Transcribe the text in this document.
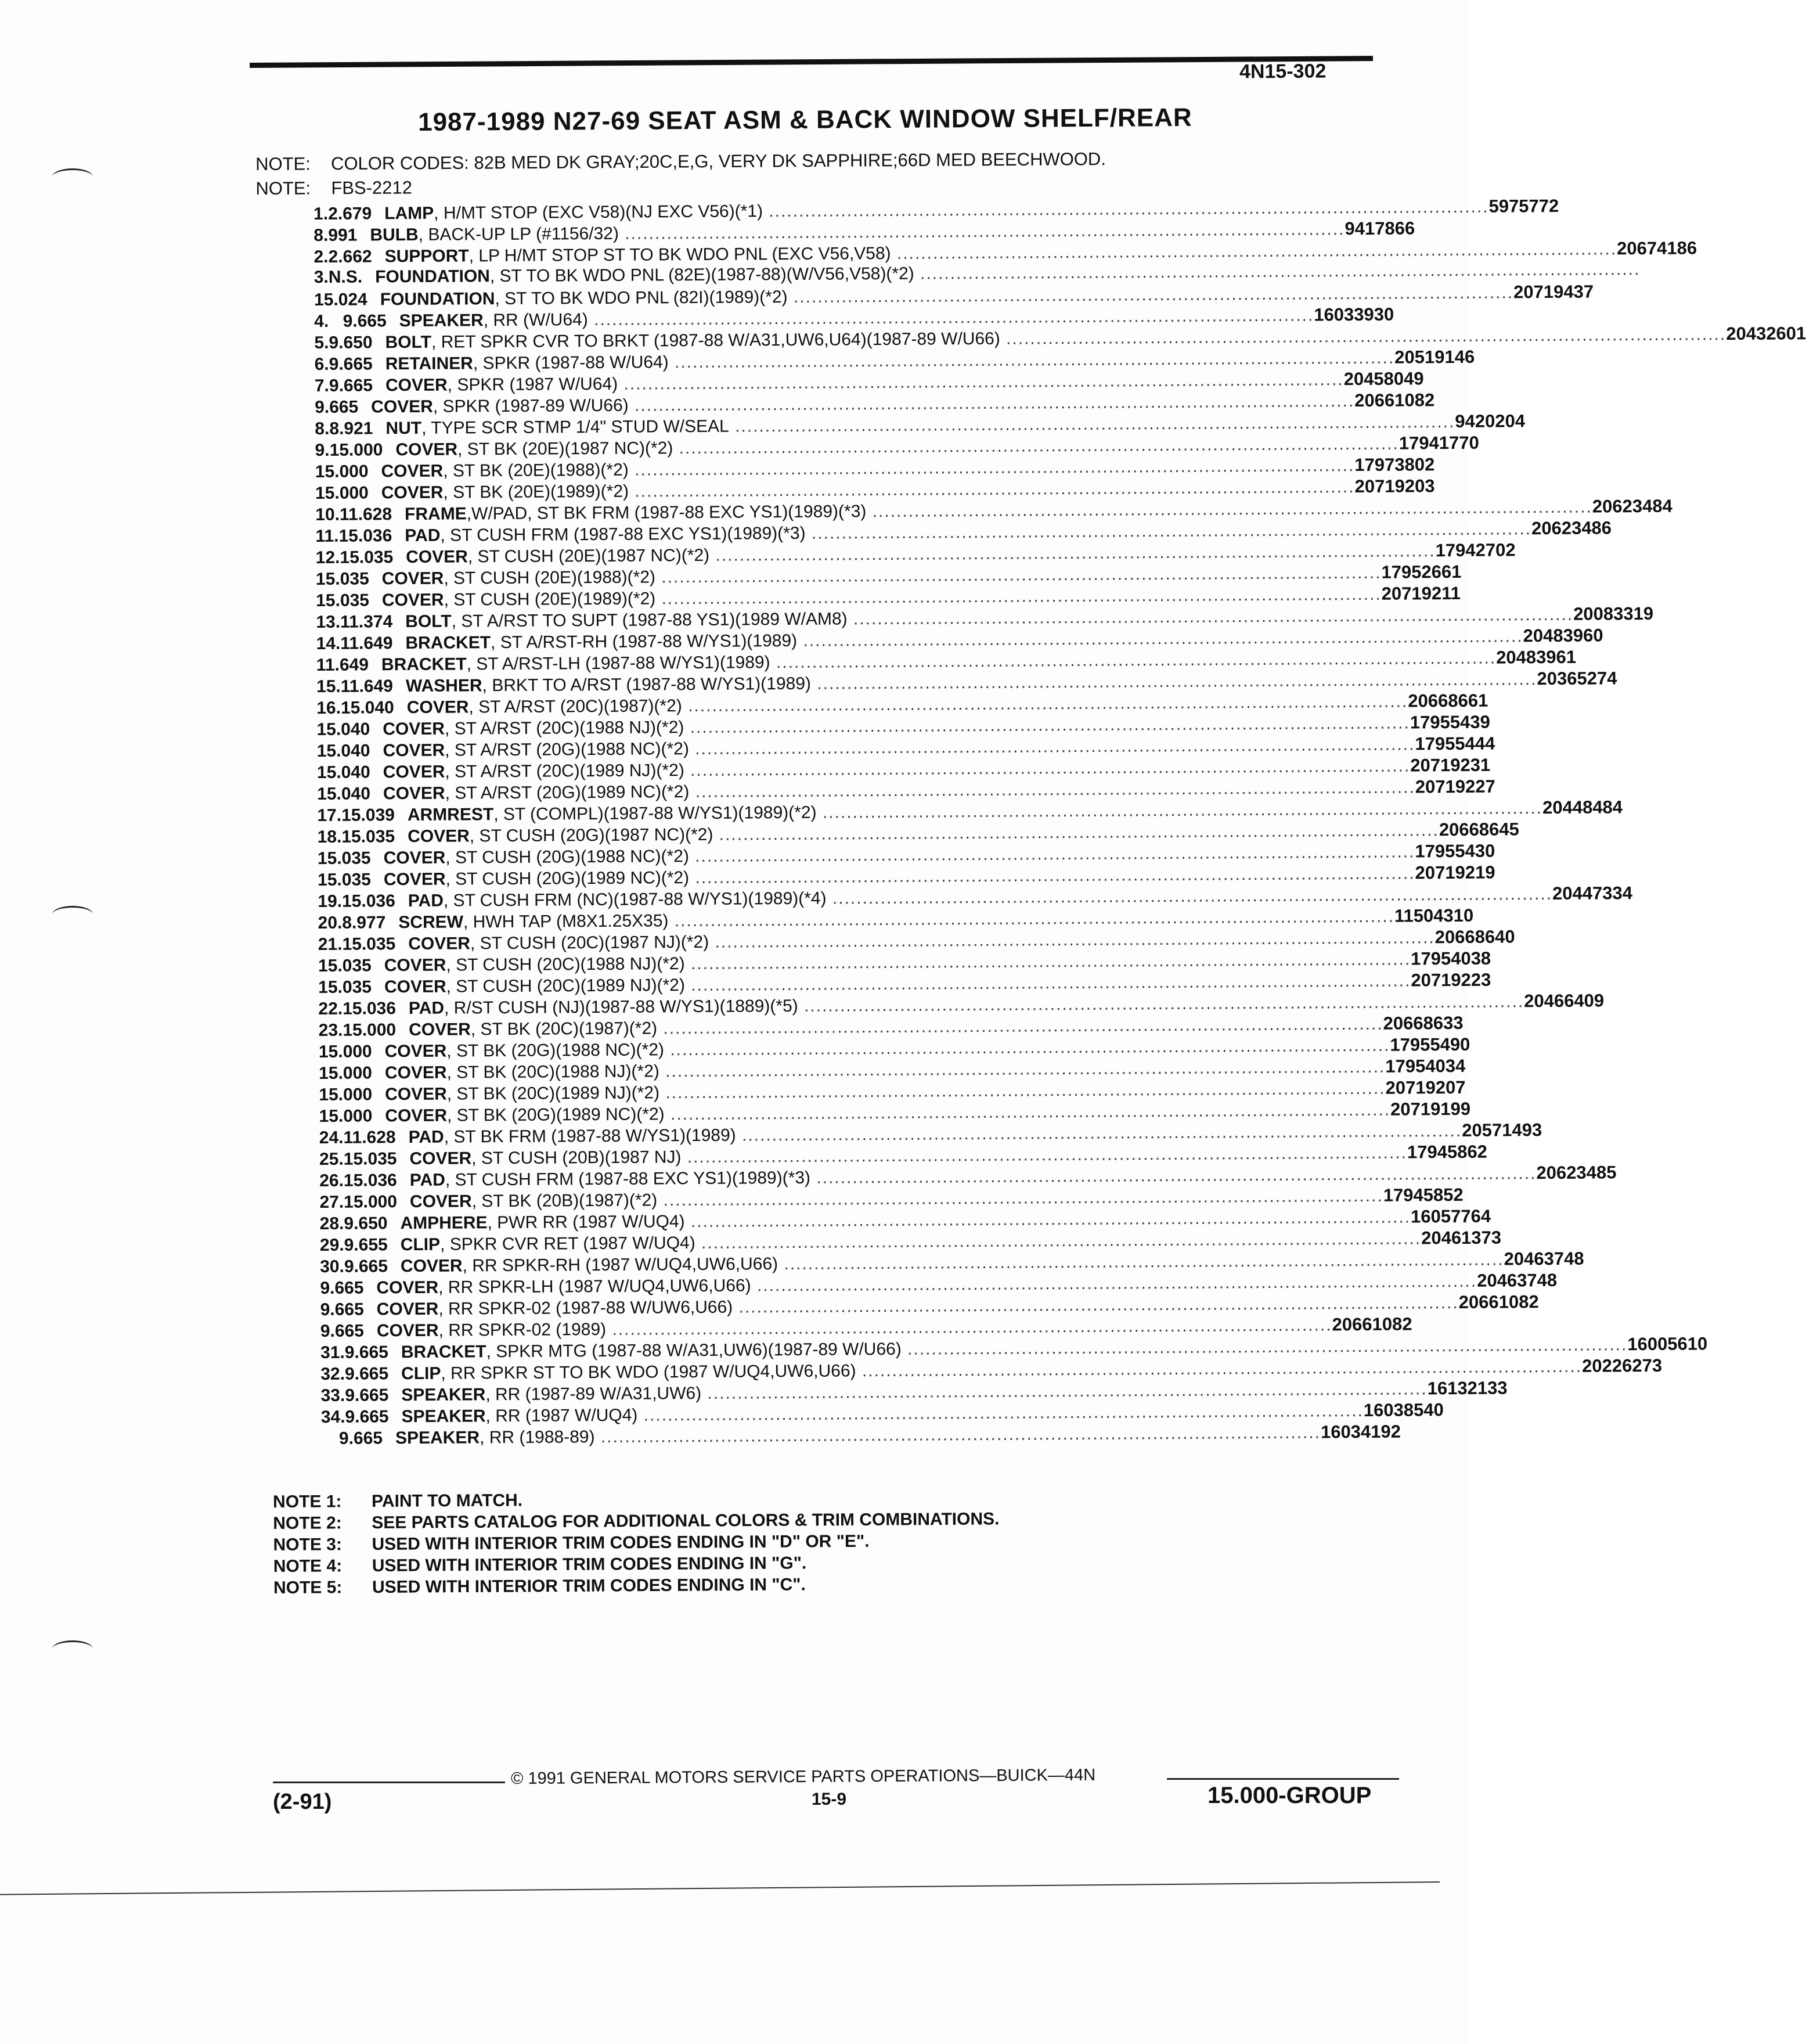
4N15-302
1987-1989 N27-69 SEAT ASM & BACK WINDOW SHELF/REAR
NOTE: COLOR CODES: 82B MED DK GRAY;20C,E,G, VERY DK SAPPHIRE;66D MED BEECHWOOD.
NOTE: FBS-2212
1. 2.679 LAMP, H/MT STOP (EXC V58)(NJ EXC V56)(*1) ........................................................................................................................ 5975772
8.991 BULB, BACK-UP LP (#1156/32) ........................................................................................................................ 9417866
2. 2.662 SUPPORT, LP H/MT STOP ST TO BK WDO PNL (EXC V56,V58) ........................................................................................................................ 20674186
3. N.S. FOUNDATION, ST TO BK WDO PNL (82E)(1987-88)(W/V56,V58)(*2) ........................................................................................................................
15.024 FOUNDATION, ST TO BK WDO PNL (82I)(1989)(*2) ........................................................................................................................ 20719437
4. 9.665 SPEAKER, RR (W/U64) ........................................................................................................................ 16033930
5. 9.650 BOLT, RET SPKR CVR TO BRKT (1987-88 W/A31,UW6,U64)(1987-89 W/U66) ........................................................................................................................ 20432601
6. 9.665 RETAINER, SPKR (1987-88 W/U64) ........................................................................................................................ 20519146
7. 9.665 COVER, SPKR (1987 W/U64) ........................................................................................................................ 20458049
9.665 COVER, SPKR (1987-89 W/U66) ........................................................................................................................ 20661082
8. 8.921 NUT, TYPE SCR STMP 1/4" STUD W/SEAL ........................................................................................................................ 9420204
9. 15.000 COVER, ST BK (20E)(1987 NC)(*2) ........................................................................................................................ 17941770
15.000 COVER, ST BK (20E)(1988)(*2) ........................................................................................................................ 17973802
15.000 COVER, ST BK (20E)(1989)(*2) ........................................................................................................................ 20719203
10. 11.628 FRAME,W/PAD, ST BK FRM (1987-88 EXC YS1)(1989)(*3) ........................................................................................................................ 20623484
11. 15.036 PAD, ST CUSH FRM (1987-88 EXC YS1)(1989)(*3) ........................................................................................................................ 20623486
12. 15.035 COVER, ST CUSH (20E)(1987 NC)(*2) ........................................................................................................................ 17942702
15.035 COVER, ST CUSH (20E)(1988)(*2) ........................................................................................................................ 17952661
15.035 COVER, ST CUSH (20E)(1989)(*2) ........................................................................................................................ 20719211
13. 11.374 BOLT, ST A/RST TO SUPT (1987-88 YS1)(1989 W/AM8) ........................................................................................................................ 20083319
14. 11.649 BRACKET, ST A/RST-RH (1987-88 W/YS1)(1989) ........................................................................................................................ 20483960
11.649 BRACKET, ST A/RST-LH (1987-88 W/YS1)(1989) ........................................................................................................................ 20483961
15. 11.649 WASHER, BRKT TO A/RST (1987-88 W/YS1)(1989) ........................................................................................................................ 20365274
16. 15.040 COVER, ST A/RST (20C)(1987)(*2) ........................................................................................................................ 20668661
15.040 COVER, ST A/RST (20C)(1988 NJ)(*2) ........................................................................................................................ 17955439
15.040 COVER, ST A/RST (20G)(1988 NC)(*2) ........................................................................................................................ 17955444
15.040 COVER, ST A/RST (20C)(1989 NJ)(*2) ........................................................................................................................ 20719231
15.040 COVER, ST A/RST (20G)(1989 NC)(*2) ........................................................................................................................ 20719227
17. 15.039 ARMREST, ST (COMPL)(1987-88 W/YS1)(1989)(*2) ........................................................................................................................ 20448484
18. 15.035 COVER, ST CUSH (20G)(1987 NC)(*2) ........................................................................................................................ 20668645
15.035 COVER, ST CUSH (20G)(1988 NC)(*2) ........................................................................................................................ 17955430
15.035 COVER, ST CUSH (20G)(1989 NC)(*2) ........................................................................................................................ 20719219
19. 15.036 PAD, ST CUSH FRM (NC)(1987-88 W/YS1)(1989)(*4) ........................................................................................................................ 20447334
20. 8.977 SCREW, HWH TAP (M8X1.25X35) ........................................................................................................................ 11504310
21. 15.035 COVER, ST CUSH (20C)(1987 NJ)(*2) ........................................................................................................................ 20668640
15.035 COVER, ST CUSH (20C)(1988 NJ)(*2) ........................................................................................................................ 17954038
15.035 COVER, ST CUSH (20C)(1989 NJ)(*2) ........................................................................................................................ 20719223
22. 15.036 PAD, R/ST CUSH (NJ)(1987-88 W/YS1)(1889)(*5) ........................................................................................................................ 20466409
23. 15.000 COVER, ST BK (20C)(1987)(*2) ........................................................................................................................ 20668633
15.000 COVER, ST BK (20G)(1988 NC)(*2) ........................................................................................................................ 17955490
15.000 COVER, ST BK (20C)(1988 NJ)(*2) ........................................................................................................................ 17954034
15.000 COVER, ST BK (20C)(1989 NJ)(*2) ........................................................................................................................ 20719207
15.000 COVER, ST BK (20G)(1989 NC)(*2) ........................................................................................................................ 20719199
24. 11.628 PAD, ST BK FRM (1987-88 W/YS1)(1989) ........................................................................................................................ 20571493
25. 15.035 COVER, ST CUSH (20B)(1987 NJ) ........................................................................................................................ 17945862
26. 15.036 PAD, ST CUSH FRM (1987-88 EXC YS1)(1989)(*3) ........................................................................................................................ 20623485
27. 15.000 COVER, ST BK (20B)(1987)(*2) ........................................................................................................................ 17945852
28. 9.650 AMPHERE, PWR RR (1987 W/UQ4) ........................................................................................................................ 16057764
29. 9.655 CLIP, SPKR CVR RET (1987 W/UQ4) ........................................................................................................................ 20461373
30. 9.665 COVER, RR SPKR-RH (1987 W/UQ4,UW6,U66) ........................................................................................................................ 20463748
9.665 COVER, RR SPKR-LH (1987 W/UQ4,UW6,U66) ........................................................................................................................ 20463748
9.665 COVER, RR SPKR-02 (1987-88 W/UW6,U66) ........................................................................................................................ 20661082
9.665 COVER, RR SPKR-02 (1989) ........................................................................................................................ 20661082
31. 9.665 BRACKET, SPKR MTG (1987-88 W/A31,UW6)(1987-89 W/U66) ........................................................................................................................ 16005610
32. 9.665 CLIP, RR SPKR ST TO BK WDO (1987 W/UQ4,UW6,U66) ........................................................................................................................ 20226273
33. 9.665 SPEAKER, RR (1987-89 W/A31,UW6) ........................................................................................................................ 16132133
34. 9.665 SPEAKER, RR (1987 W/UQ4) ........................................................................................................................ 16038540
9.665 SPEAKER, RR (1988-89) ........................................................................................................................ 16034192
NOTE 1: PAINT TO MATCH.
NOTE 2: SEE PARTS CATALOG FOR ADDITIONAL COLORS & TRIM COMBINATIONS.
NOTE 3: USED WITH INTERIOR TRIM CODES ENDING IN "D" OR "E".
NOTE 4: USED WITH INTERIOR TRIM CODES ENDING IN "G".
NOTE 5: USED WITH INTERIOR TRIM CODES ENDING IN "C".
© 1991 GENERAL MOTORS SERVICE PARTS OPERATIONS—BUICK—44N
(2-91)	15-9	15.000-GROUP
